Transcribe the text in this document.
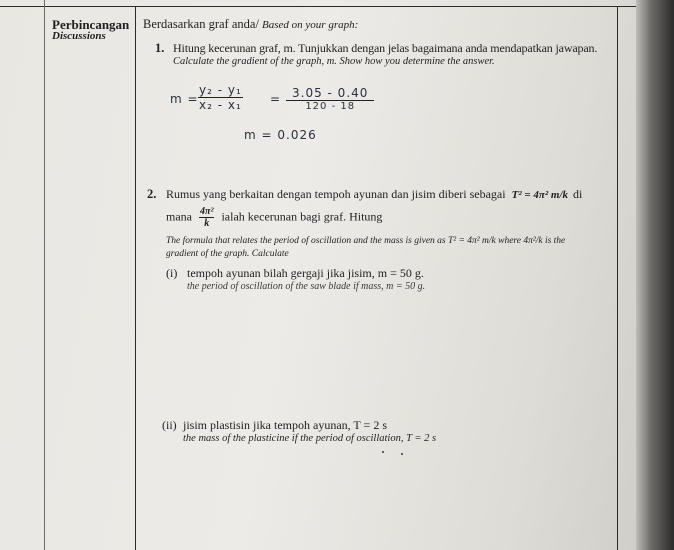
Perbincangan
Discussions
Berdasarkan graf anda/ Based on your graph:
1. Hitung kecerunan graf, m. Tunjukkan dengan jelas bagaimana anda mendapatkan jawapan.
Calculate the gradient of the graph, m. Show how you determine the answer.
$m = \frac{\text{y₂ - y₁}}{\text{x₂ - x₁}} = \frac{3.05 - 0.40}{120 - 18}$
m = 0.026
2. Rumus yang berkaitan dengan tempoh ayunan dan jisim diberi sebagai T² = 4π² m/k di
mana $\frac{\text{4π²}}{k}$ ialah kecerunan bagi graf. Hitung
The formula that relates the period of oscillation and the mass is given as T² = 4π² m/k where 4π²/k is the
gradient of the graph. Calculate
(i) tempoh ayunan bilah gergaji jika jisim, m = 50 g.
the period of oscillation of the saw blade if mass, m = 50 g.
(ii) jisim plastisin jika tempoh ayunan, T = 2 s
the mass of the plasticine if the period of oscillation, T = 2 s
